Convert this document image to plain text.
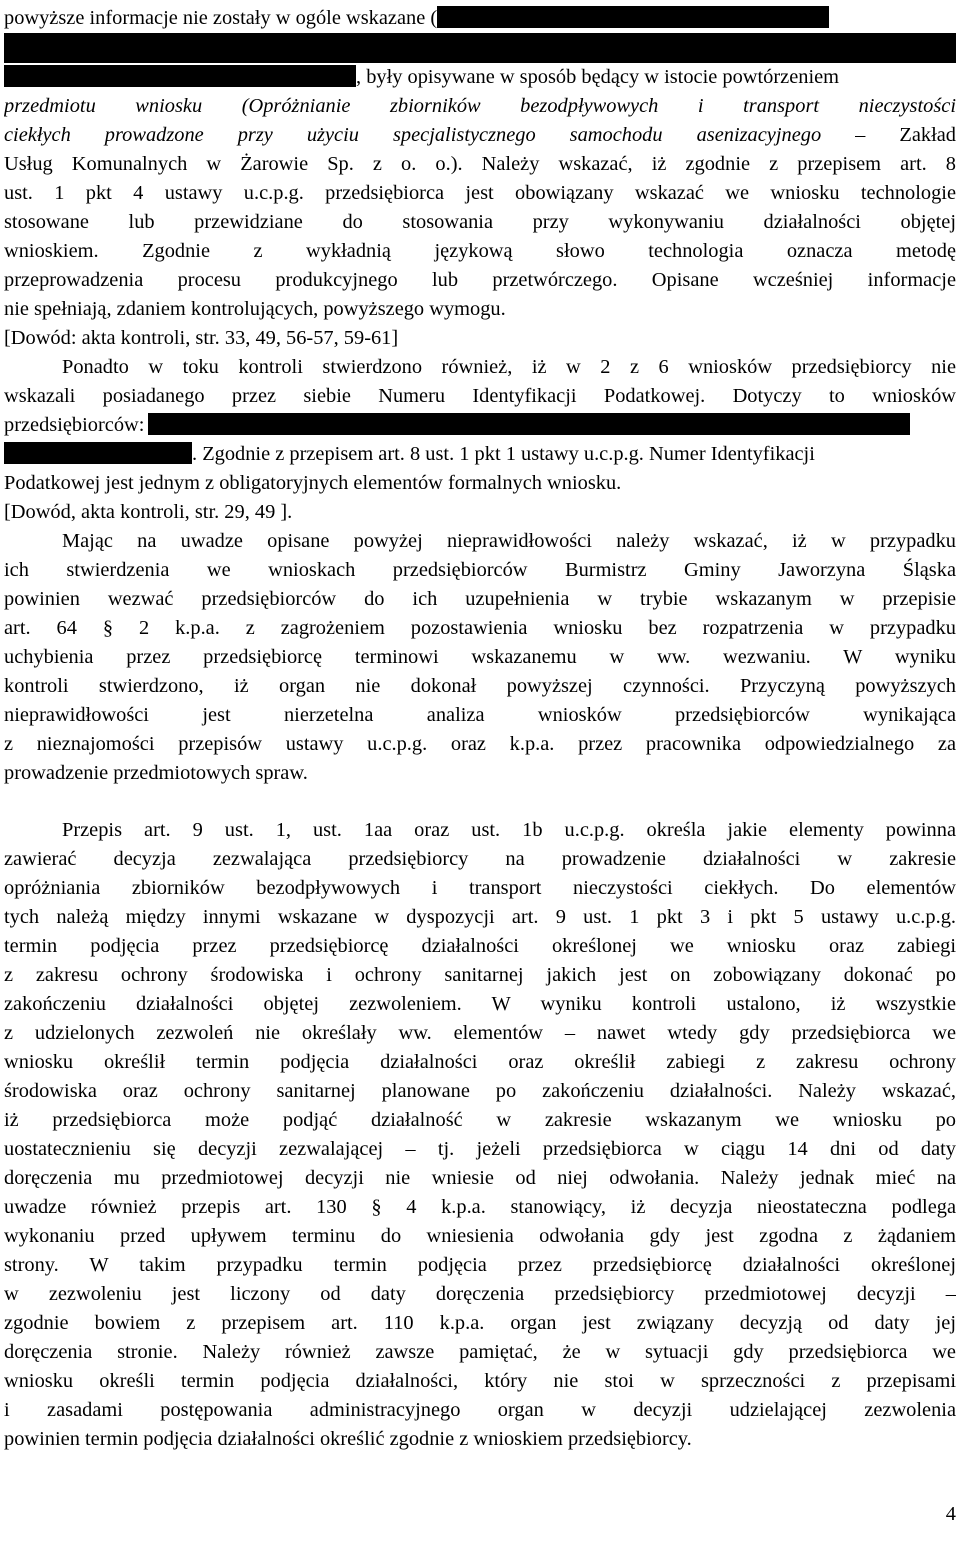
powyższe informacje nie zostały w ogóle wskazane (
, były opisywane w sposób będący w istocie powtórzeniem
przedmiotu wniosku (Opróżnianie zbiorników bezodpływowych i transport nieczystości
ciekłych prowadzone przy użyciu specjalistycznego samochodu asenizacyjnego – Zakład
Usług Komunalnych w Żarowie Sp. z o. o.). Należy wskazać, iż zgodnie z przepisem art. 8
ust. 1 pkt 4 ustawy u.c.p.g. przedsiębiorca jest obowiązany wskazać we wniosku technologie
stosowane lub przewidziane do stosowania przy wykonywaniu działalności objętej
wnioskiem. Zgodnie z wykładnią językową słowo technologia oznacza metodę
przeprowadzenia procesu produkcyjnego lub przetwórczego. Opisane wcześniej informacje
nie spełniają, zdaniem kontrolujących, powyższego wymogu.
[Dowód: akta kontroli, str. 33, 49, 56-57, 59-61]
Ponadto w toku kontroli stwierdzono również, iż w 2 z 6 wniosków przedsiębiorcy nie
wskazali posiadanego przez siebie Numeru Identyfikacji Podatkowej. Dotyczy to wniosków
przedsiębiorców:
. Zgodnie z przepisem art. 8 ust. 1 pkt 1 ustawy u.c.p.g. Numer Identyfikacji
Podatkowej jest jednym z obligatoryjnych elementów formalnych wniosku.
[Dowód, akta kontroli, str. 29, 49 ].
Mając na uwadze opisane powyżej nieprawidłowości należy wskazać, iż w przypadku
ich stwierdzenia we wnioskach przedsiębiorców Burmistrz Gminy Jaworzyna Śląska
powinien wezwać przedsiębiorców do ich uzupełnienia w trybie wskazanym w przepisie
art. 64 § 2 k.p.a. z zagrożeniem pozostawienia wniosku bez rozpatrzenia w przypadku
uchybienia przez przedsiębiorcę terminowi wskazanemu w ww. wezwaniu. W wyniku
kontroli stwierdzono, iż organ nie dokonał powyższej czynności. Przyczyną powyższych
nieprawidłowości jest nierzetelna analiza wniosków przedsiębiorców wynikająca
z nieznajomości przepisów ustawy u.c.p.g. oraz k.p.a. przez pracownika odpowiedzialnego za
prowadzenie przedmiotowych spraw.
Przepis art. 9 ust. 1, ust. 1aa oraz ust. 1b u.c.p.g. określa jakie elementy powinna
zawierać decyzja zezwalająca przedsiębiorcy na prowadzenie działalności w zakresie
opróżniania zbiorników bezodpływowych i transport nieczystości ciekłych. Do elementów
tych należą między innymi wskazane w dyspozycji art. 9 ust. 1 pkt 3 i pkt 5 ustawy u.c.p.g.
termin podjęcia przez przedsiębiorcę działalności określonej we wniosku oraz zabiegi
z zakresu ochrony środowiska i ochrony sanitarnej jakich jest on zobowiązany dokonać po
zakończeniu działalności objętej zezwoleniem. W wyniku kontroli ustalono, iż wszystkie
z udzielonych zezwoleń nie określały ww. elementów – nawet wtedy gdy przedsiębiorca we
wniosku określił termin podjęcia działalności oraz określił zabiegi z zakresu ochrony
środowiska oraz ochrony sanitarnej planowane po zakończeniu działalności. Należy wskazać,
iż przedsiębiorca może podjąć działalność w zakresie wskazanym we wniosku po
uostatecznieniu się decyzji zezwalającej – tj. jeżeli przedsiębiorca w ciągu 14 dni od daty
doręczenia mu przedmiotowej decyzji nie wniesie od niej odwołania. Należy jednak mieć na
uwadze również przepis art. 130 § 4 k.p.a. stanowiący, iż decyzja nieostateczna podlega
wykonaniu przed upływem terminu do wniesienia odwołania gdy jest zgodna z żądaniem
strony. W takim przypadku termin podjęcia przez przedsiębiorcę działalności określonej
w zezwoleniu jest liczony od daty doręczenia przedsiębiorcy przedmiotowej decyzji –
zgodnie bowiem z przepisem art. 110 k.p.a. organ jest związany decyzją od daty jej
doręczenia stronie. Należy również zawsze pamiętać, że w sytuacji gdy przedsiębiorca we
wniosku określi termin podjęcia działalności, który nie stoi w sprzeczności z przepisami
i zasadami postępowania administracyjnego organ w decyzji udzielającej zezwolenia
powinien termin podjęcia działalności określić zgodnie z wnioskiem przedsiębiorcy.
4
